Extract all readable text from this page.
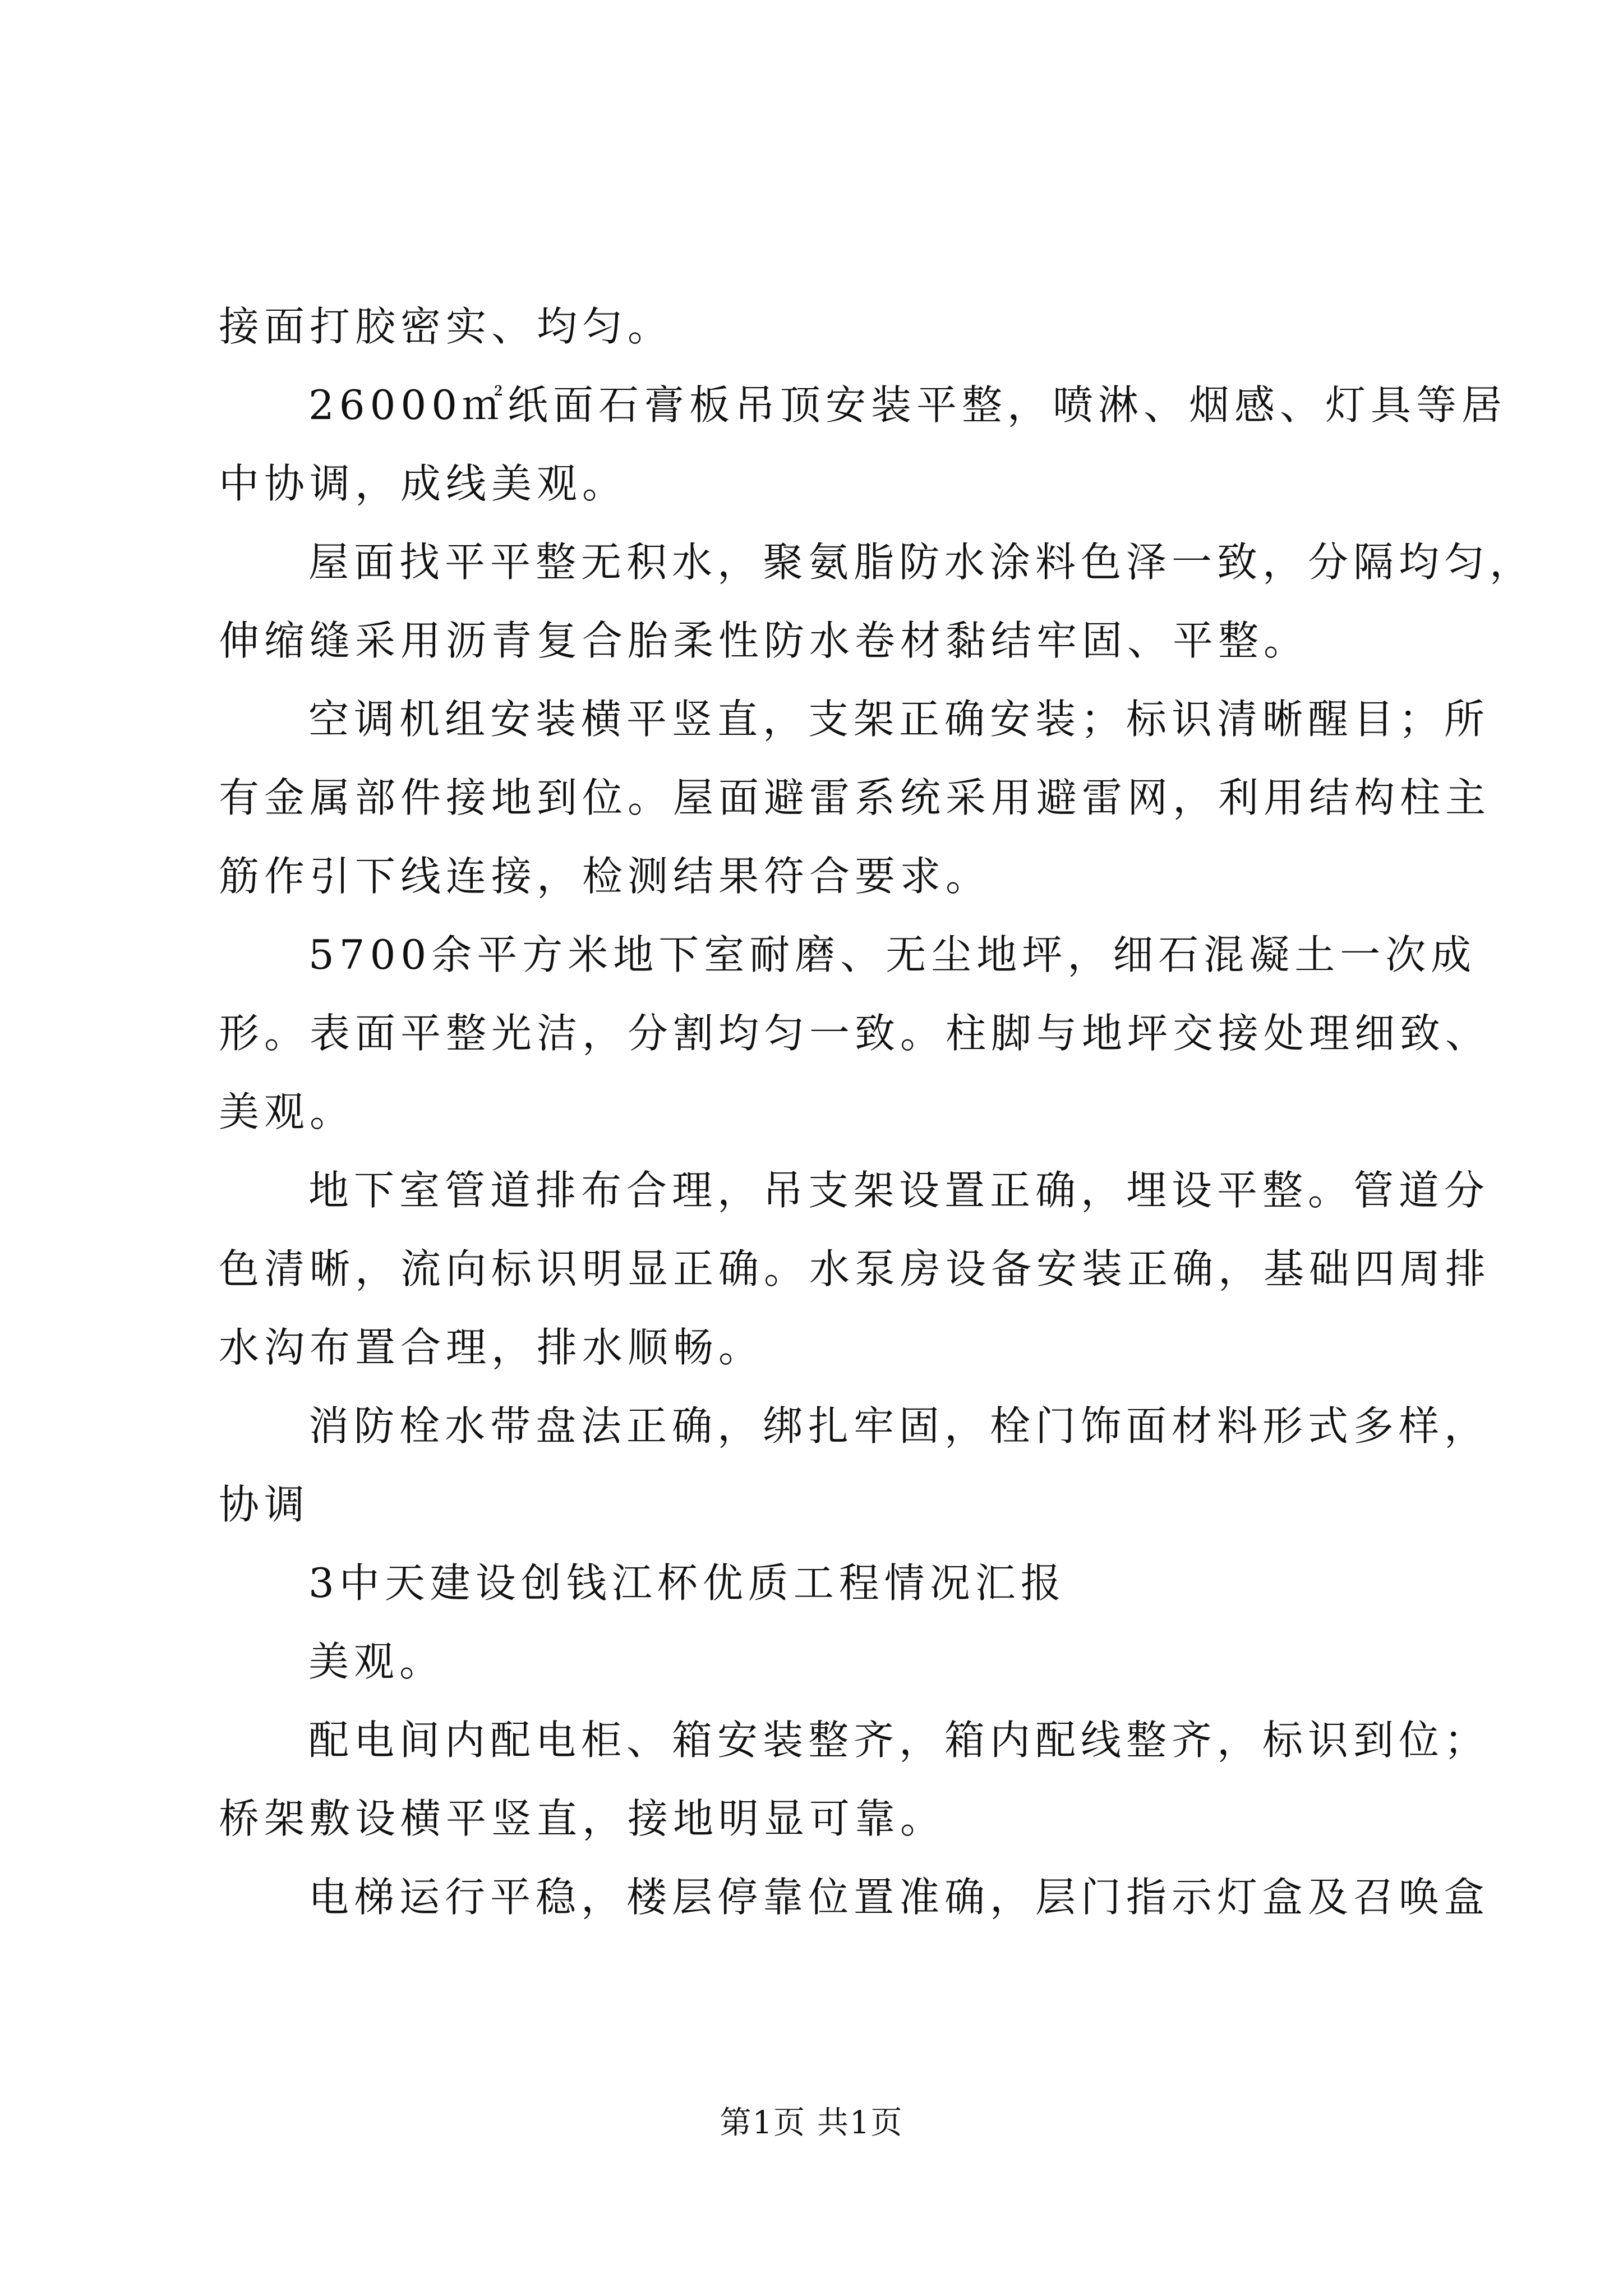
接面打胶密实、均匀。
26000㎡纸面石膏板吊顶安装平整，喷淋、烟感、灯具等居
中协调，成线美观。
屋面找平平整无积水，聚氨脂防水涂料色泽一致，分隔均匀，
伸缩缝采用沥青复合胎柔性防水卷材黏结牢固、平整。
空调机组安装横平竖直，支架正确安装；标识清晰醒目；所
有金属部件接地到位。屋面避雷系统采用避雷网，利用结构柱主
筋作引下线连接，检测结果符合要求。
5700余平方米地下室耐磨、无尘地坪，细石混凝土一次成
形。表面平整光洁，分割均匀一致。柱脚与地坪交接处理细致、
美观。
地下室管道排布合理，吊支架设置正确，埋设平整。管道分
色清晰，流向标识明显正确。水泵房设备安装正确，基础四周排
水沟布置合理，排水顺畅。
消防栓水带盘法正确，绑扎牢固，栓门饰面材料形式多样，
协调
3中天建设创钱江杯优质工程情况汇报
美观。
配电间内配电柜、箱安装整齐，箱内配线整齐，标识到位；
桥架敷设横平竖直，接地明显可靠。
电梯运行平稳，楼层停靠位置准确，层门指示灯盒及召唤盒
第1页 共1页
